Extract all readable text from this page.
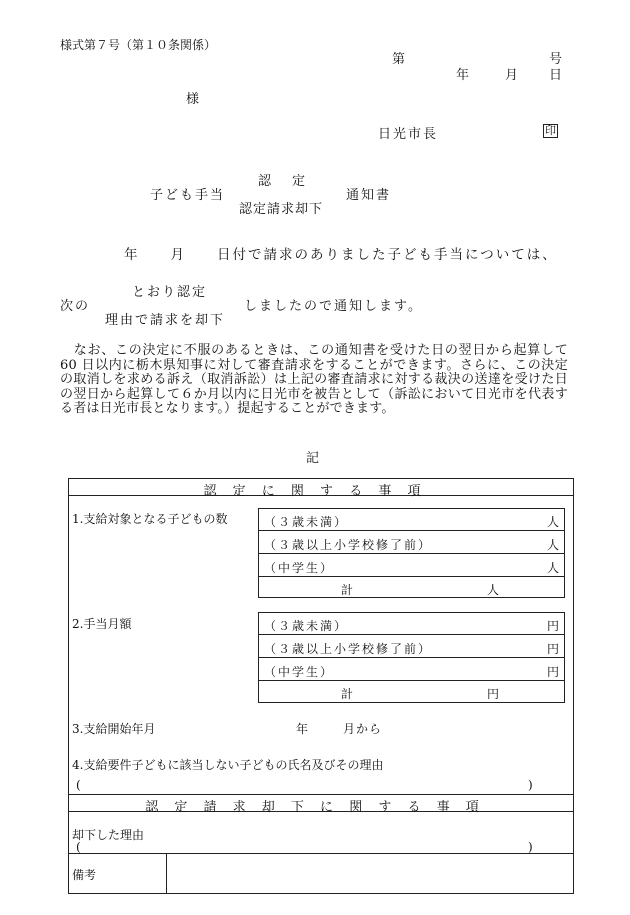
様式第７号（第１０条関係）
第	号
年	月 日
様
日光市長	印
認　定
子ども手当	通知書
認定請求却下
年　　月　　日付で請求のありました子ども手当については、
とおり認定
次の	しましたので通知します。
理由で請求を却下
　なお、この決定に不服のあるときは、この通知書を受けた日の翌日から起算して 60 日以内に栃木県知事に対して審査請求をすることができます。さらに、この決定の取消しを求める訴え（取消訴訟）は上記の審査請求に対する裁決の送達を受けた日の翌日から起算して６か月以内に日光市を被告として（訴訟において日光市を代表する者は日光市長となります。）提起することができます。
記
認 定 に 関 す る 事 項
1.支給対象となる子どもの数	（３歳未満）	人
（３歳以上小学校修了前）	人
（中学生）	人
計	人
2.手当月額	（３歳未満）	円
（３歳以上小学校修了前）	円
（中学生）	円
計	円
3.支給開始年月	年	月から
4.支給要件子どもに該当しない子どもの氏名及びその理由
(	)
認 定 請 求 却 下 に 関 す る 事 項
却下した理由
(	)
備考
